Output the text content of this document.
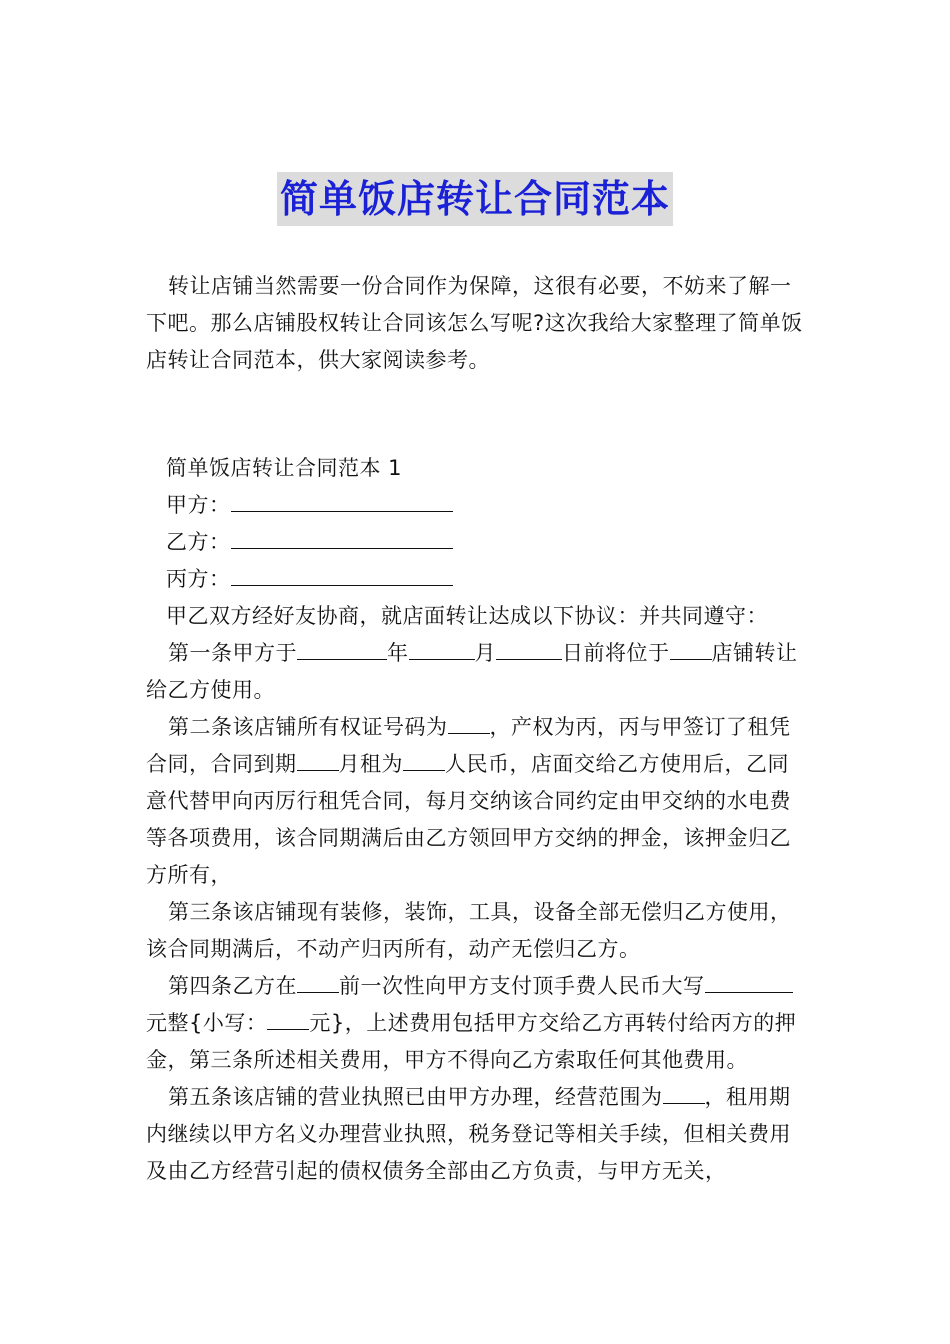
简单饭店转让合同范本

转让店铺当然需要一份合同作为保障，这很有必要，不妨来了解一下吧。那么店铺股权转让合同该怎么写呢?这次我给大家整理了简单饭店转让合同范本，供大家阅读参考。

简单饭店转让合同范本 1

甲方：

乙方：

丙方：

甲乙双方经好友协商，就店面转让达成以下协议：并共同遵守：

第一条甲方于	年	月	日前将位于 店铺转让给乙方使用。

第二条该店铺所有权证号码为 ，产权为丙，丙与甲签订了租凭合同，合同到期 月租为 人民币，店面交给乙方使用后，乙同意代替甲向丙厉行租凭合同，每月交纳该合同约定由甲交纳的水电费等各项费用，该合同期满后由乙方领回甲方交纳的押金，该押金归乙方所有，

第三条该店铺现有装修，装饰，工具，设备全部无偿归乙方使用，该合同期满后，不动产归丙所有，动产无偿归乙方。

第四条乙方在 前一次性向甲方支付顶手费人民币大写元整{小写： 元}，上述费用包括甲方交给乙方再转付给丙方的押金，第三条所述相关费用，甲方不得向乙方索取任何其他费用。

第五条该店铺的营业执照已由甲方办理，经营范围为 ，租用期内继续以甲方名义办理营业执照，税务登记等相关手续，但相关费用及由乙方经营引起的债权债务全部由乙方负责，与甲方无关，
